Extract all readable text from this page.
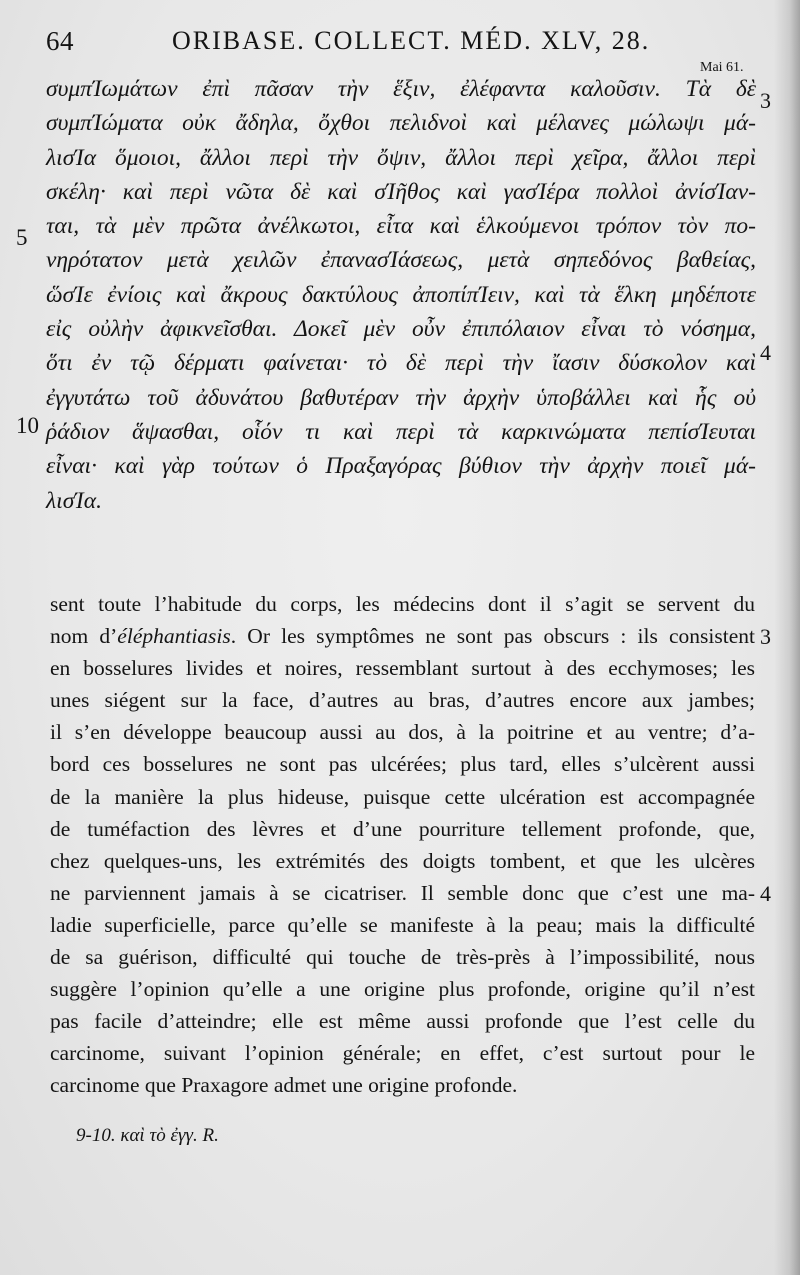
64	ORIBASE. COLLECT. MÉD. XLV, 28.
Mai 61.
συμπΊωμάτων ἐπὶ πᾶσαν τὴν ἕξιν, ἐλέφαντα καλοῦσιν. Τὰ δὲ
συμπΊώματα οὐκ ἄδηλα, ὄχθοι πελιδνοὶ καὶ μέλανες μώλωψι μά-
λισΊα ὅμοιοι, ἄλλοι περὶ τὴν ὄψιν, ἄλλοι περὶ χεῖρα, ἄλλοι περὶ
σκέλη· καὶ περὶ νῶτα δὲ καὶ σΊῆθος καὶ γασΊέρα πολλοὶ ἀνίσΊαν-
ται, τὰ μὲν πρῶτα ἀνέλκωτοι, εἶτα καὶ ἑλκούμενοι τρόπον τὸν πο-
νηρότατον μετὰ χειλῶν ἐπανασΊάσεως, μετὰ σηπεδόνος βαθείας,
ὥσΊε ἐνίοις καὶ ἄκρους δακτύλους ἀποπίπΊειν, καὶ τὰ ἕλκη μηδέποτε
εἰς οὐλὴν ἀφικνεῖσθαι. Δοκεῖ μὲν οὖν ἐπιπόλαιον εἶναι τὸ νόσημα,
ὅτι ἐν τῷ δέρματι φαίνεται· τὸ δὲ περὶ τὴν ἴασιν δύσκολον καὶ
ἐγγυτάτω τοῦ ἀδυνάτου βαθυτέραν τὴν ἀρχὴν ὑποβάλλει καὶ ἧς οὐ
ῥάδιον ἅψασθαι, οἷόν τι καὶ περὶ τὰ καρκινώματα πεπίσΊευται
εἶναι· καὶ γὰρ τούτων ὁ Πραξαγόρας βύθιον τὴν ἀρχὴν ποιεῖ μά-
λισΊα.
5
10
3
4
sent toute l’habitude du corps, les médecins dont il s’agit se servent du
nom d’éléphantiasis. Or les symptômes ne sont pas obscurs : ils consistent
en bosselures livides et noires, ressemblant surtout à des ecchymoses; les
unes siégent sur la face, d’autres au bras, d’autres encore aux jambes;
il s’en développe beaucoup aussi au dos, à la poitrine et au ventre; d’a-
bord ces bosselures ne sont pas ulcérées; plus tard, elles s’ulcèrent aussi
de la manière la plus hideuse, puisque cette ulcération est accompagnée
de tuméfaction des lèvres et d’une pourriture tellement profonde, que,
chez quelques-uns, les extrémités des doigts tombent, et que les ulcères
ne parviennent jamais à se cicatriser. Il semble donc que c’est une ma-
ladie superficielle, parce qu’elle se manifeste à la peau; mais la difficulté
de sa guérison, difficulté qui touche de très-près à l’impossibilité, nous
suggère l’opinion qu’elle a une origine plus profonde, origine qu’il n’est
pas facile d’atteindre; elle est même aussi profonde que l’est celle du
carcinome, suivant l’opinion générale; en effet, c’est surtout pour le
carcinome que Praxagore admet une origine profonde.
3
4
9-10. καὶ τὸ ἐγγ. R.
